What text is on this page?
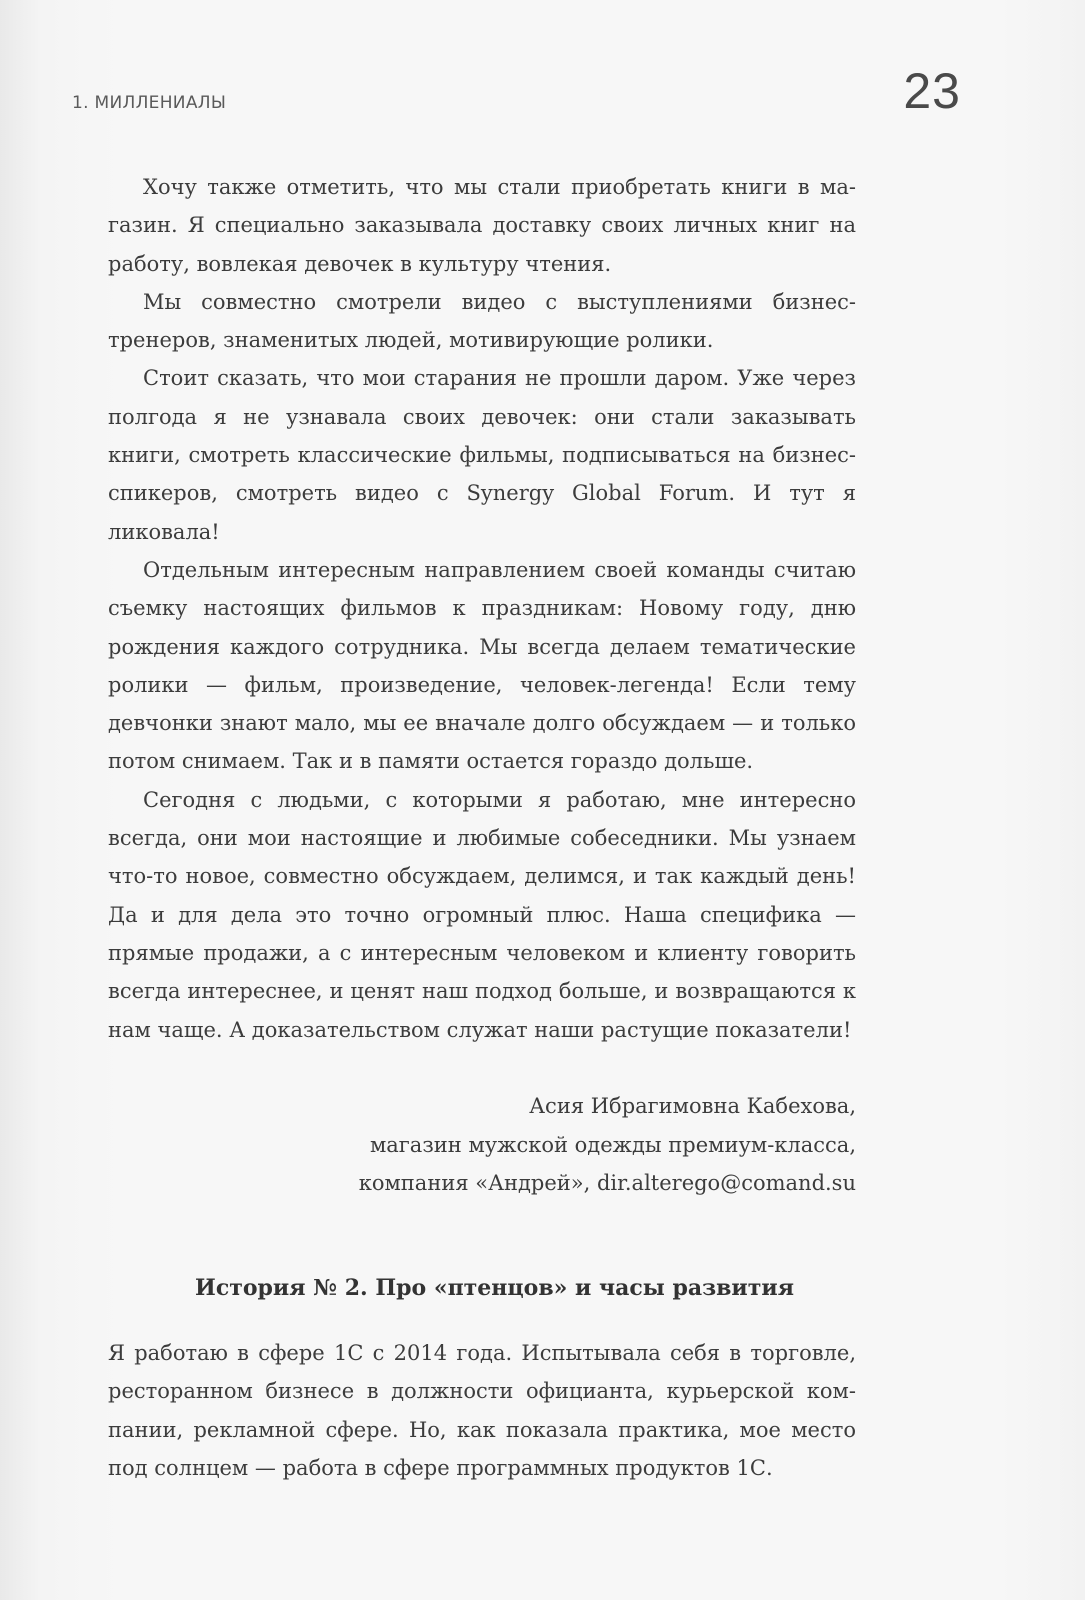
1. МИЛЛЕНИАЛЫ	23

Хочу также отметить, что мы стали приобретать книги в магазин. Я специально заказывала доставку своих личных книг на работу, вовлекая девочек в культуру чтения.

Мы совместно смотрели видео с выступлениями бизнес-тренеров, знаменитых людей, мотивирующие ролики.

Стоит сказать, что мои старания не прошли даром. Уже через полгода я не узнавала своих девочек: они стали заказывать книги, смотреть классические фильмы, подписываться на бизнес-спикеров, смотреть видео с Synergy Global Forum. И тут я ликовала!

Отдельным интересным направлением своей команды считаю съемку настоящих фильмов к праздникам: Новому году, дню рождения каждого сотрудника. Мы всегда делаем тематические ролики — фильм, произведение, человек-легенда! Если тему девчонки знают мало, мы ее вначале долго обсуждаем — и только потом снимаем. Так и в памяти остается гораздо дольше.

Сегодня с людьми, с которыми я работаю, мне интересно всегда, они мои настоящие и любимые собеседники. Мы узнаем что-то новое, совместно обсуждаем, делимся, и так каждый день! Да и для дела это точно огромный плюс. Наша специфика — прямые продажи, а с интересным человеком и клиенту говорить всегда интереснее, и ценят наш подход больше, и возвращаются к нам чаще. А доказательством служат наши растущие показатели!

Асия Ибрагимовна Кабехова,
магазин мужской одежды премиум-класса,
компания «Андрей», dir.alterego@comand.su
История № 2. Про «птенцов» и часы развития

Я работаю в сфере 1С с 2014 года. Испытывала себя в торговле, ресторанном бизнесе в должности официанта, курьерской компании, рекламной сфере. Но, как показала практика, мое место под солнцем — работа в сфере программных продуктов 1С.
